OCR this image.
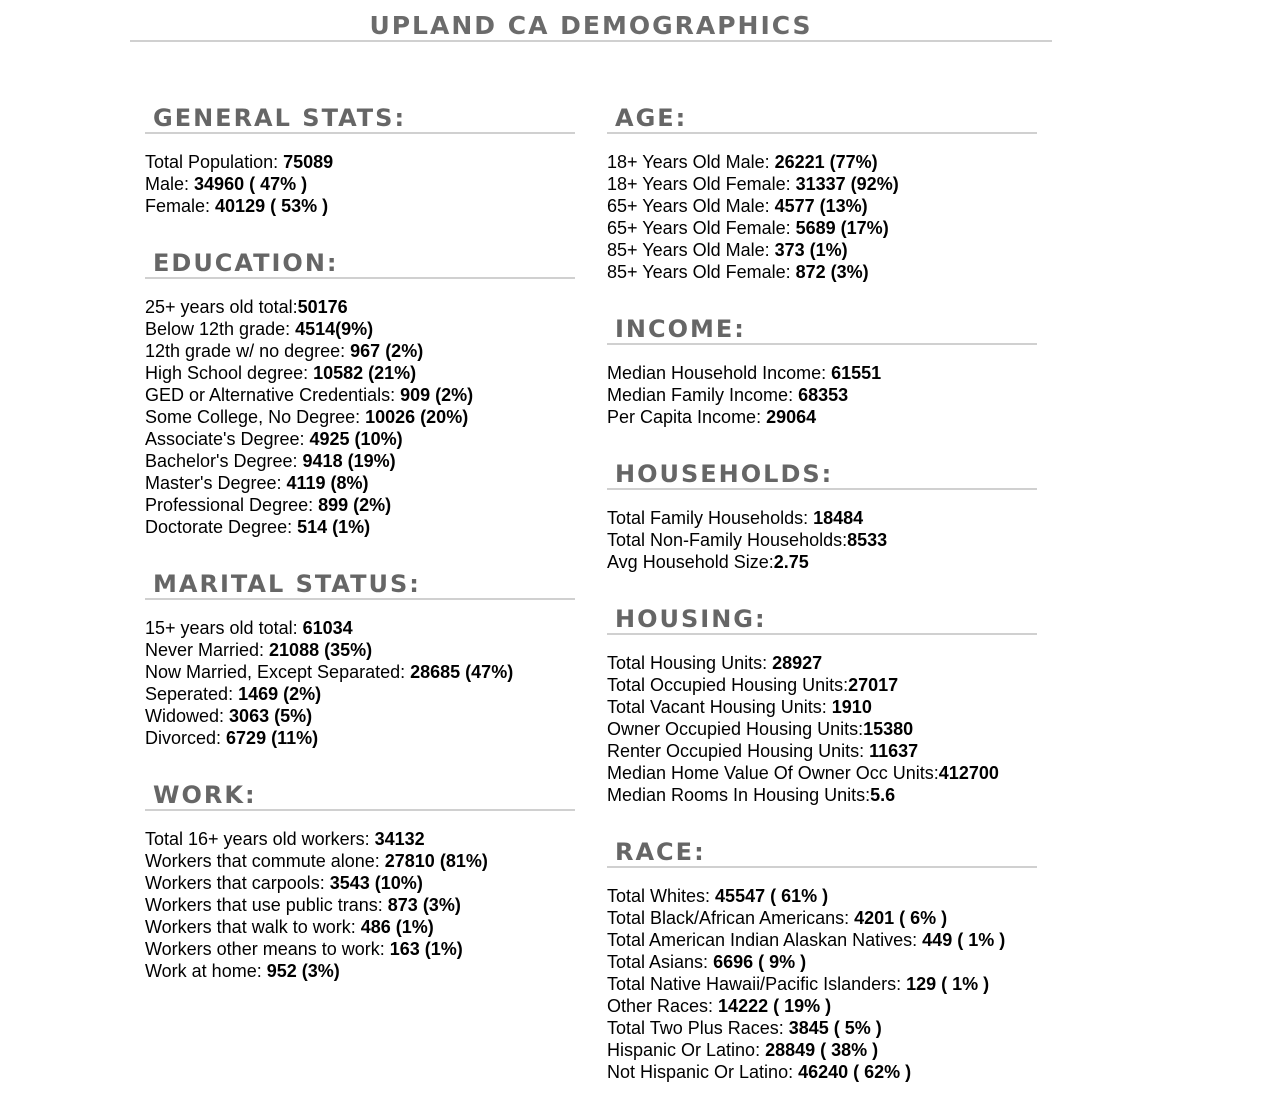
UPLAND CA DEMOGRAPHICS
GENERAL STATS:
Total Population: 75089
Male: 34960 ( 47% )
Female: 40129 ( 53% )
EDUCATION:
25+ years old total:50176
Below 12th grade: 4514(9%)
12th grade w/ no degree: 967 (2%)
High School degree: 10582 (21%)
GED or Alternative Credentials: 909 (2%)
Some College, No Degree: 10026 (20%)
Associate's Degree: 4925 (10%)
Bachelor's Degree: 9418 (19%)
Master's Degree: 4119 (8%)
Professional Degree: 899 (2%)
Doctorate Degree: 514 (1%)
MARITAL STATUS:
15+ years old total: 61034
Never Married: 21088 (35%)
Now Married, Except Separated: 28685 (47%)
Seperated: 1469 (2%)
Widowed: 3063 (5%)
Divorced: 6729 (11%)
WORK:
Total 16+ years old workers: 34132
Workers that commute alone: 27810 (81%)
Workers that carpools: 3543 (10%)
Workers that use public trans: 873 (3%)
Workers that walk to work: 486 (1%)
Workers other means to work: 163 (1%)
Work at home: 952 (3%)
AGE:
18+ Years Old Male: 26221 (77%)
18+ Years Old Female: 31337 (92%)
65+ Years Old Male: 4577 (13%)
65+ Years Old Female: 5689 (17%)
85+ Years Old Male: 373 (1%)
85+ Years Old Female: 872 (3%)
INCOME:
Median Household Income: 61551
Median Family Income: 68353
Per Capita Income: 29064
HOUSEHOLDS:
Total Family Households: 18484
Total Non-Family Households:8533
Avg Household Size:2.75
HOUSING:
Total Housing Units: 28927
Total Occupied Housing Units:27017
Total Vacant Housing Units: 1910
Owner Occupied Housing Units:15380
Renter Occupied Housing Units: 11637
Median Home Value Of Owner Occ Units:412700
Median Rooms In Housing Units:5.6
RACE:
Total Whites: 45547 ( 61% )
Total Black/African Americans: 4201 ( 6% )
Total American Indian Alaskan Natives: 449 ( 1% )
Total Asians: 6696 ( 9% )
Total Native Hawaii/Pacific Islanders: 129 ( 1% )
Other Races: 14222 ( 19% )
Total Two Plus Races: 3845 ( 5% )
Hispanic Or Latino: 28849 ( 38% )
Not Hispanic Or Latino: 46240 ( 62% )
